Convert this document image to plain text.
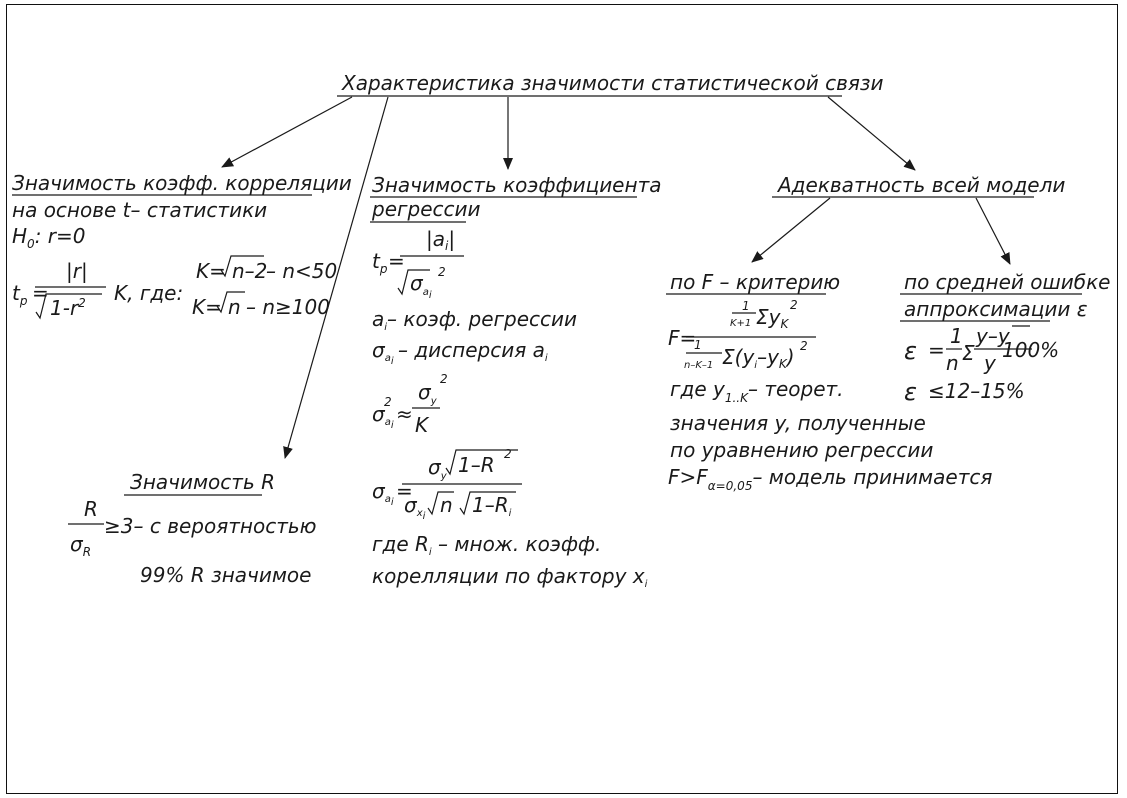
Характеристика значимости статистической связи
Значимость коэфф. корреляции
на основе t– статистики
$H_0$: r=0
$t_p$ =
|r|
$1-r^2$ K, где:
K= n–2
– n<50
K= n – n≥100
Значимость R
R
$\sigma_R$
≥3– с вероятностью
99% R значимое
Значимость коэффициента
регрессии
$t_p$ =
$|a_i|$
$\sigma_ai$
2
$a_i-$ коэф. регрессии
$\sigma_ai$ – дисперсия $a_i$
$\sigma_ai$
2 ≈
$\sigma_y$
2
K
$\sigma_ai$ =
$\sigma_y$ 1–R 2
$\sigma_xi$ n $1-R_i$
где $R_i$ – множ. коэфф.
корелляции по фактору $x_i$
Адекватность всей модели
по F – критерию
F=
1
K+1 $\Sigma y_K$
2
1
n–K–1 $\Sigma(y_i-y_K)$ 2
где $y_{1..K}-$ теорет.
значения y, полученные
по уравнению регрессии
$F>F_{\alpha=0,05}-$ модель принимается
по средней ошибке
аппроксимации ε
ε =
1
n Σ
y–y
y
100%
ε ≤12–15%
